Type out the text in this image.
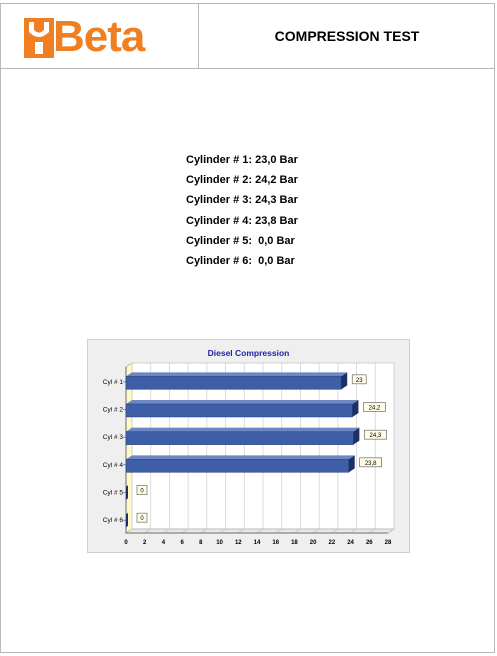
Beta	COMPRESSION TEST
Cylinder # 1: 23,0 Bar
Cylinder # 2: 24,2 Bar
Cylinder # 3: 24,3 Bar
Cylinder # 4: 23,8 Bar
Cylinder # 5:  0,0 Bar
Cylinder # 6:  0,0 Bar
Diesel Compression
0	2	4	6	8 10 12 14 16 18 20 22 24 26 28
Cyl # 1	23
Cyl # 2	24,2
Cyl # 3	24,3
Cyl # 4	23,8
Cyl # 5	0
Cyl # 6	0
